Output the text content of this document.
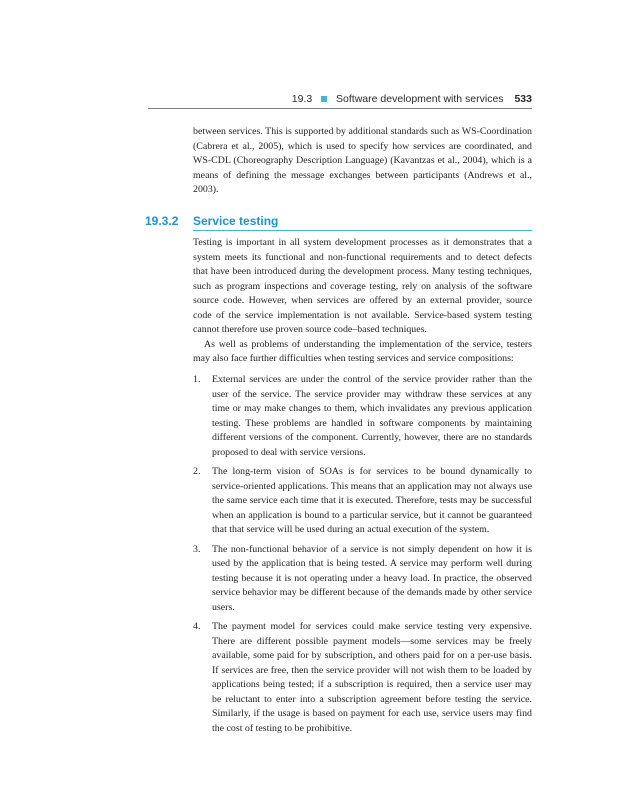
19.3 Software development with services 533

between services. This is supported by additional standards such as WS-Coordination (Cabrera et al., 2005), which is used to specify how services are coordinated, and WS-CDL (Choreography Description Language) (Kavantzas et al., 2004), which is a means of defining the message exchanges between participants (Andrews et al., 2003).

19.3.2 Service testing

Testing is important in all system development processes as it demonstrates that a system meets its functional and non-functional requirements and to detect defects that have been introduced during the development process. Many testing techniques, such as program inspections and coverage testing, rely on analysis of the software source code. However, when services are offered by an external provider, source code of the service implementation is not available. Service-based system testing cannot therefore use proven source code–based techniques.

As well as problems of understanding the implementation of the service, testers may also face further difficulties when testing services and service compositions:

1. External services are under the control of the service provider rather than the user of the service. The service provider may withdraw these services at any time or may make changes to them, which invalidates any previous application testing. These problems are handled in software components by maintaining different versions of the component. Currently, however, there are no standards proposed to deal with service versions.
2. The long-term vision of SOAs is for services to be bound dynamically to service-oriented applications. This means that an application may not always use the same service each time that it is executed. Therefore, tests may be successful when an application is bound to a particular service, but it cannot be guaranteed that that service will be used during an actual execution of the system.
3. The non-functional behavior of a service is not simply dependent on how it is used by the application that is being tested. A service may perform well during testing because it is not operating under a heavy load. In practice, the observed service behavior may be different because of the demands made by other service users.
4. The payment model for services could make service testing very expensive. There are different possible payment models—some services may be freely available, some paid for by subscription, and others paid for on a per-use basis. If services are free, then the service provider will not wish them to be loaded by applications being tested; if a subscription is required, then a service user may be reluctant to enter into a subscription agreement before testing the service. Similarly, if the usage is based on payment for each use, service users may find the cost of testing to be prohibitive.
